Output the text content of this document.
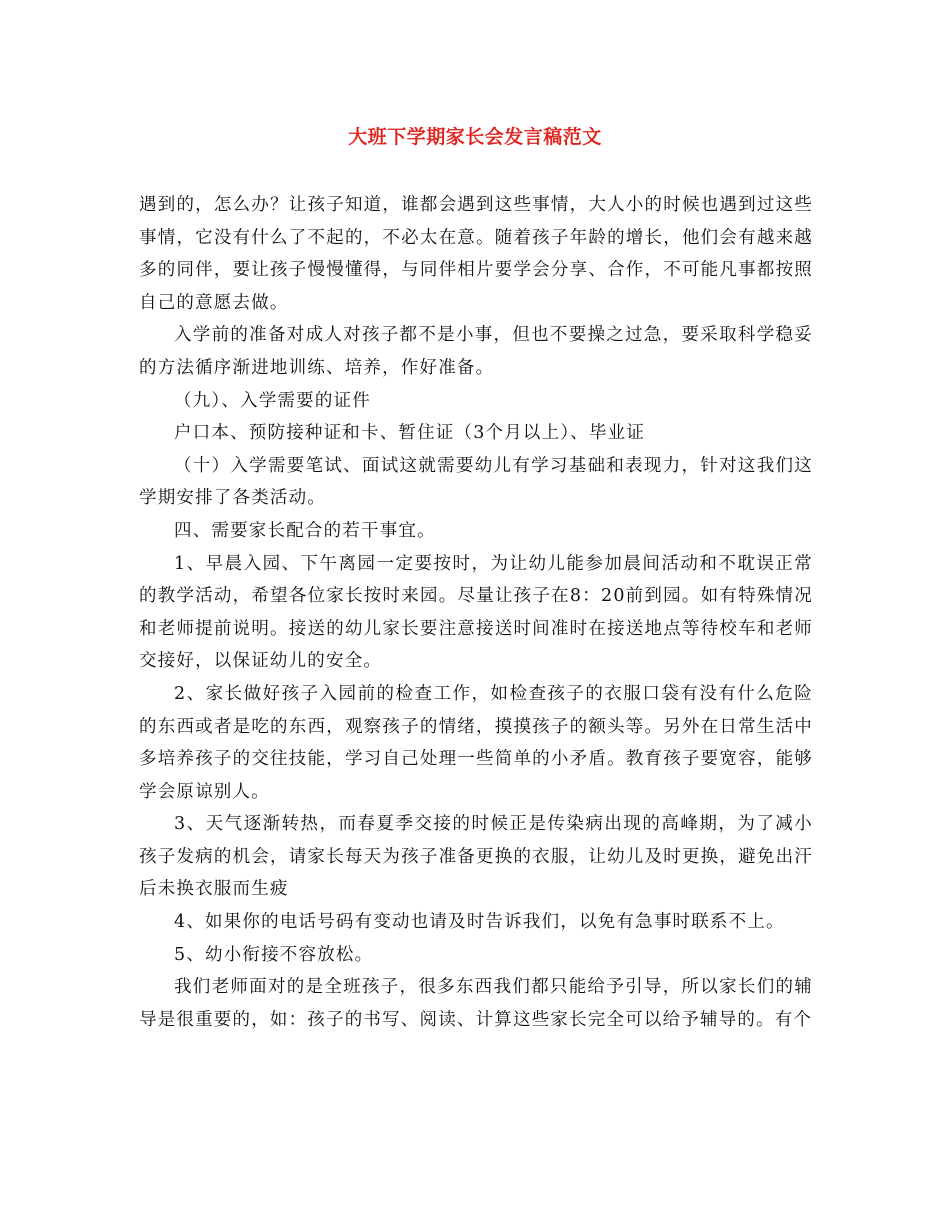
大班下学期家长会发言稿范文

遇到的，怎么办？让孩子知道，谁都会遇到这些事情，大人小的时候也遇到过这些事情，它没有什么了不起的，不必太在意。随着孩子年龄的增长，他们会有越来越多的同伴，要让孩子慢慢懂得，与同伴相片要学会分享、合作，不可能凡事都按照自己的意愿去做。

入学前的准备对成人对孩子都不是小事，但也不要操之过急，要采取科学稳妥的方法循序渐进地训练、培养，作好准备。

（九）、入学需要的证件

户口本、预防接种证和卡、暂住证（3个月以上）、毕业证

（十）入学需要笔试、面试这就需要幼儿有学习基础和表现力，针对这我们这学期安排了各类活动。

四、需要家长配合的若干事宜。

1、早晨入园、下午离园一定要按时，为让幼儿能参加晨间活动和不耽误正常的教学活动，希望各位家长按时来园。尽量让孩子在8：20前到园。如有特殊情况和老师提前说明。接送的幼儿家长要注意接送时间准时在接送地点等待校车和老师交接好，以保证幼儿的安全。

2、家长做好孩子入园前的检查工作，如检查孩子的衣服口袋有没有什么危险的东西或者是吃的东西，观察孩子的情绪，摸摸孩子的额头等。另外在日常生活中多培养孩子的交往技能，学习自己处理一些简单的小矛盾。教育孩子要宽容，能够学会原谅别人。

3、天气逐渐转热，而春夏季交接的时候正是传染病出现的高峰期，为了减小孩子发病的机会，请家长每天为孩子准备更换的衣服，让幼儿及时更换，避免出汗后未换衣服而生疲

4、如果你的电话号码有变动也请及时告诉我们，以免有急事时联系不上。

5、幼小衔接不容放松。

我们老师面对的是全班孩子，很多东西我们都只能给予引导，所以家长们的辅导是很重要的，如：孩子的书写、阅读、计算这些家长完全可以给予辅导的。有个
